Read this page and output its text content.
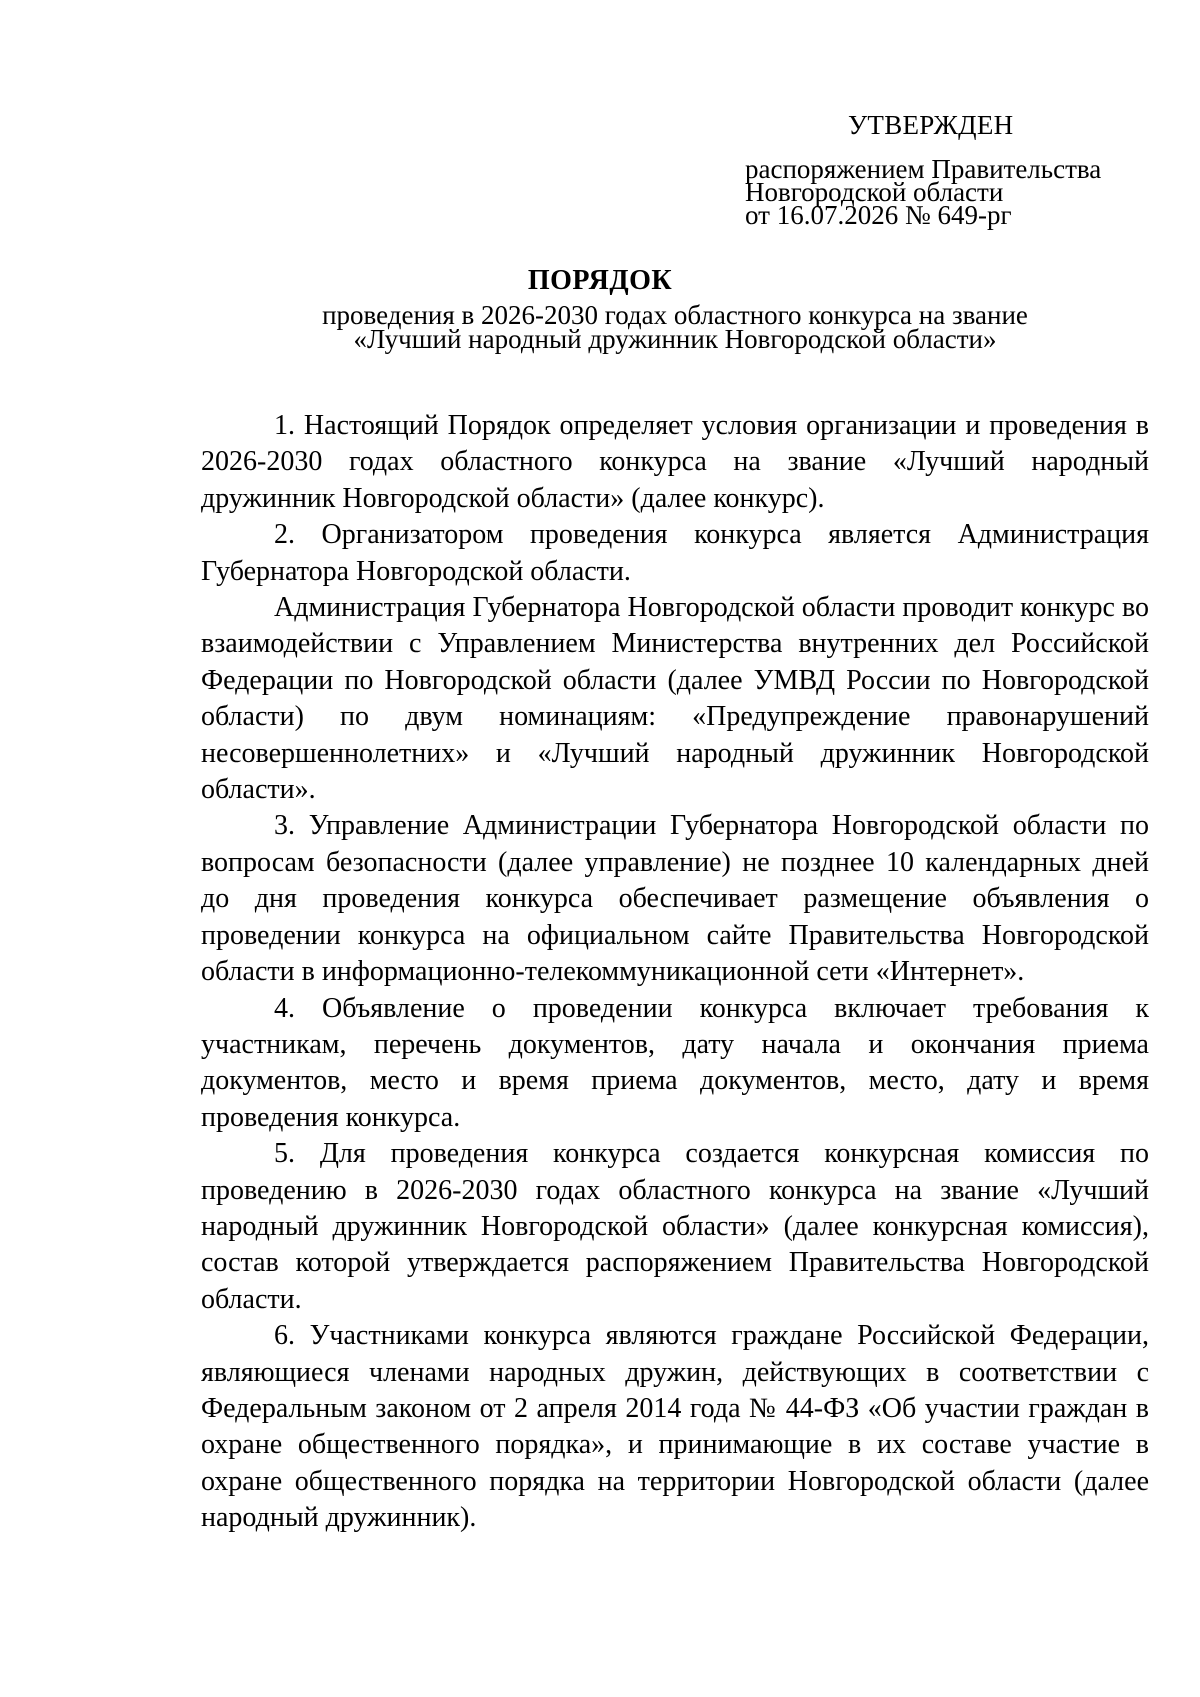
УТВЕРЖДЕН
распоряжением Правительства
Новгородской области
от 16.07.2026 № 649-рг
ПОРЯДОК
проведения в 2026-2030 годах областного конкурса на звание
«Лучший народный дружинник Новгородской области»

1. Настоящий Порядок определяет условия организации и проведения в 2026-2030 годах областного конкурса на звание «Лучший народный дружинник Новгородской области» (далее конкурс).

2. Организатором проведения конкурса является Администрация Губернатора Новгородской области.

Администрация Губернатора Новгородской области проводит конкурс во взаимодействии с Управлением Министерства внутренних дел Российской Федерации по Новгородской области (далее УМВД России по Новгородской области) по двум номинациям: «Предупреждение правонарушений несовершеннолетних» и «Лучший народный дружинник Новгородской области».

3. Управление Администрации Губернатора Новгородской области по вопросам безопасности (далее управление) не позднее 10 календарных дней до дня проведения конкурса обеспечивает размещение объявления о проведении конкурса на официальном сайте Правительства Новгородской области в информационно-телекоммуникационной сети «Интернет».

4. Объявление о проведении конкурса включает требования к участникам, перечень документов, дату начала и окончания приема документов, место и время приема документов, место, дату и время проведения конкурса.

5. Для проведения конкурса создается конкурсная комиссия по проведению в 2026-2030 годах областного конкурса на звание «Лучший народный дружинник Новгородской области» (далее конкурсная комиссия), состав которой утверждается распоряжением Правительства Новгородской области.

6. Участниками конкурса являются граждане Российской Федерации, являющиеся членами народных дружин, действующих в соответствии с Федеральным законом от 2 апреля 2014 года № 44-ФЗ «Об участии граждан в охране общественного порядка», и принимающие в их составе участие в охране общественного порядка на территории Новгородской области (далее народный дружинник).
